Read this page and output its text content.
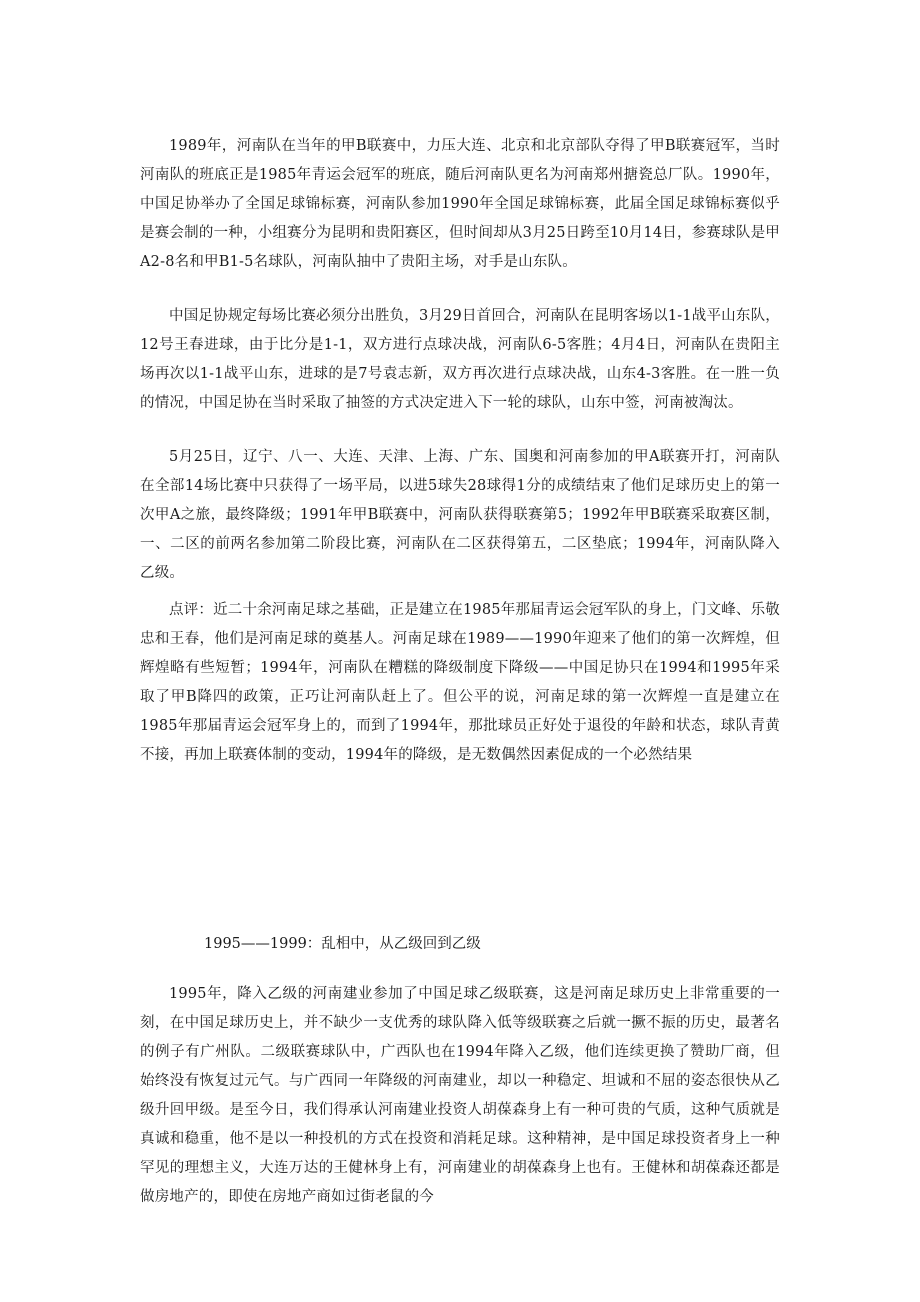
1989年，河南队在当年的甲B联赛中，力压大连、北京和北京部队夺得了甲B联赛冠军，当时河南队的班底正是1985年青运会冠军的班底，随后河南队更名为河南郑州搪瓷总厂队。1990年，中国足协举办了全国足球锦标赛，河南队参加1990年全国足球锦标赛，此届全国足球锦标赛似乎是赛会制的一种，小组赛分为昆明和贵阳赛区，但时间却从3月25日跨至10月14日，参赛球队是甲A2-8名和甲B1-5名球队，河南队抽中了贵阳主场，对手是山东队。

中国足协规定每场比赛必须分出胜负，3月29日首回合，河南队在昆明客场以1-1战平山东队，12号王春进球，由于比分是1-1，双方进行点球决战，河南队6-5客胜；4月4日，河南队在贵阳主场再次以1-1战平山东，进球的是7号袁志新，双方再次进行点球决战，山东4-3客胜。在一胜一负的情况，中国足协在当时采取了抽签的方式决定进入下一轮的球队，山东中签，河南被淘汰。

5月25日，辽宁、八一、大连、天津、上海、广东、国奥和河南参加的甲A联赛开打，河南队在全部14场比赛中只获得了一场平局，以进5球失28球得1分的成绩结束了他们足球历史上的第一次甲A之旅，最终降级；1991年甲B联赛中，河南队获得联赛第5；1992年甲B联赛采取赛区制，一、二区的前两名参加第二阶段比赛，河南队在二区获得第五，二区垫底；1994年，河南队降入乙级。

点评：近二十余河南足球之基础，正是建立在1985年那届青运会冠军队的身上，门文峰、乐敬忠和王春，他们是河南足球的奠基人。河南足球在1989——1990年迎来了他们的第一次辉煌，但辉煌略有些短暂；1994年，河南队在糟糕的降级制度下降级——中国足协只在1994和1995年采取了甲B降四的政策，正巧让河南队赶上了。但公平的说，河南足球的第一次辉煌一直是建立在1985年那届青运会冠军身上的，而到了1994年，那批球员正好处于退役的年龄和状态，球队青黄不接，再加上联赛体制的变动，1994年的降级，是无数偶然因素促成的一个必然结果

1995——1999：乱相中，从乙级回到乙级

1995年，降入乙级的河南建业参加了中国足球乙级联赛，这是河南足球历史上非常重要的一刻，在中国足球历史上，并不缺少一支优秀的球队降入低等级联赛之后就一撅不振的历史，最著名的例子有广州队。二级联赛球队中，广西队也在1994年降入乙级，他们连续更换了赞助厂商，但始终没有恢复过元气。与广西同一年降级的河南建业，却以一种稳定、坦诚和不屈的姿态很快从乙级升回甲级。是至今日，我们得承认河南建业投资人胡葆森身上有一种可贵的气质，这种气质就是真诚和稳重，他不是以一种投机的方式在投资和消耗足球。这种精神，是中国足球投资者身上一种罕见的理想主义，大连万达的王健林身上有，河南建业的胡葆森身上也有。王健林和胡葆森还都是做房地产的，即使在房地产商如过街老鼠的今
